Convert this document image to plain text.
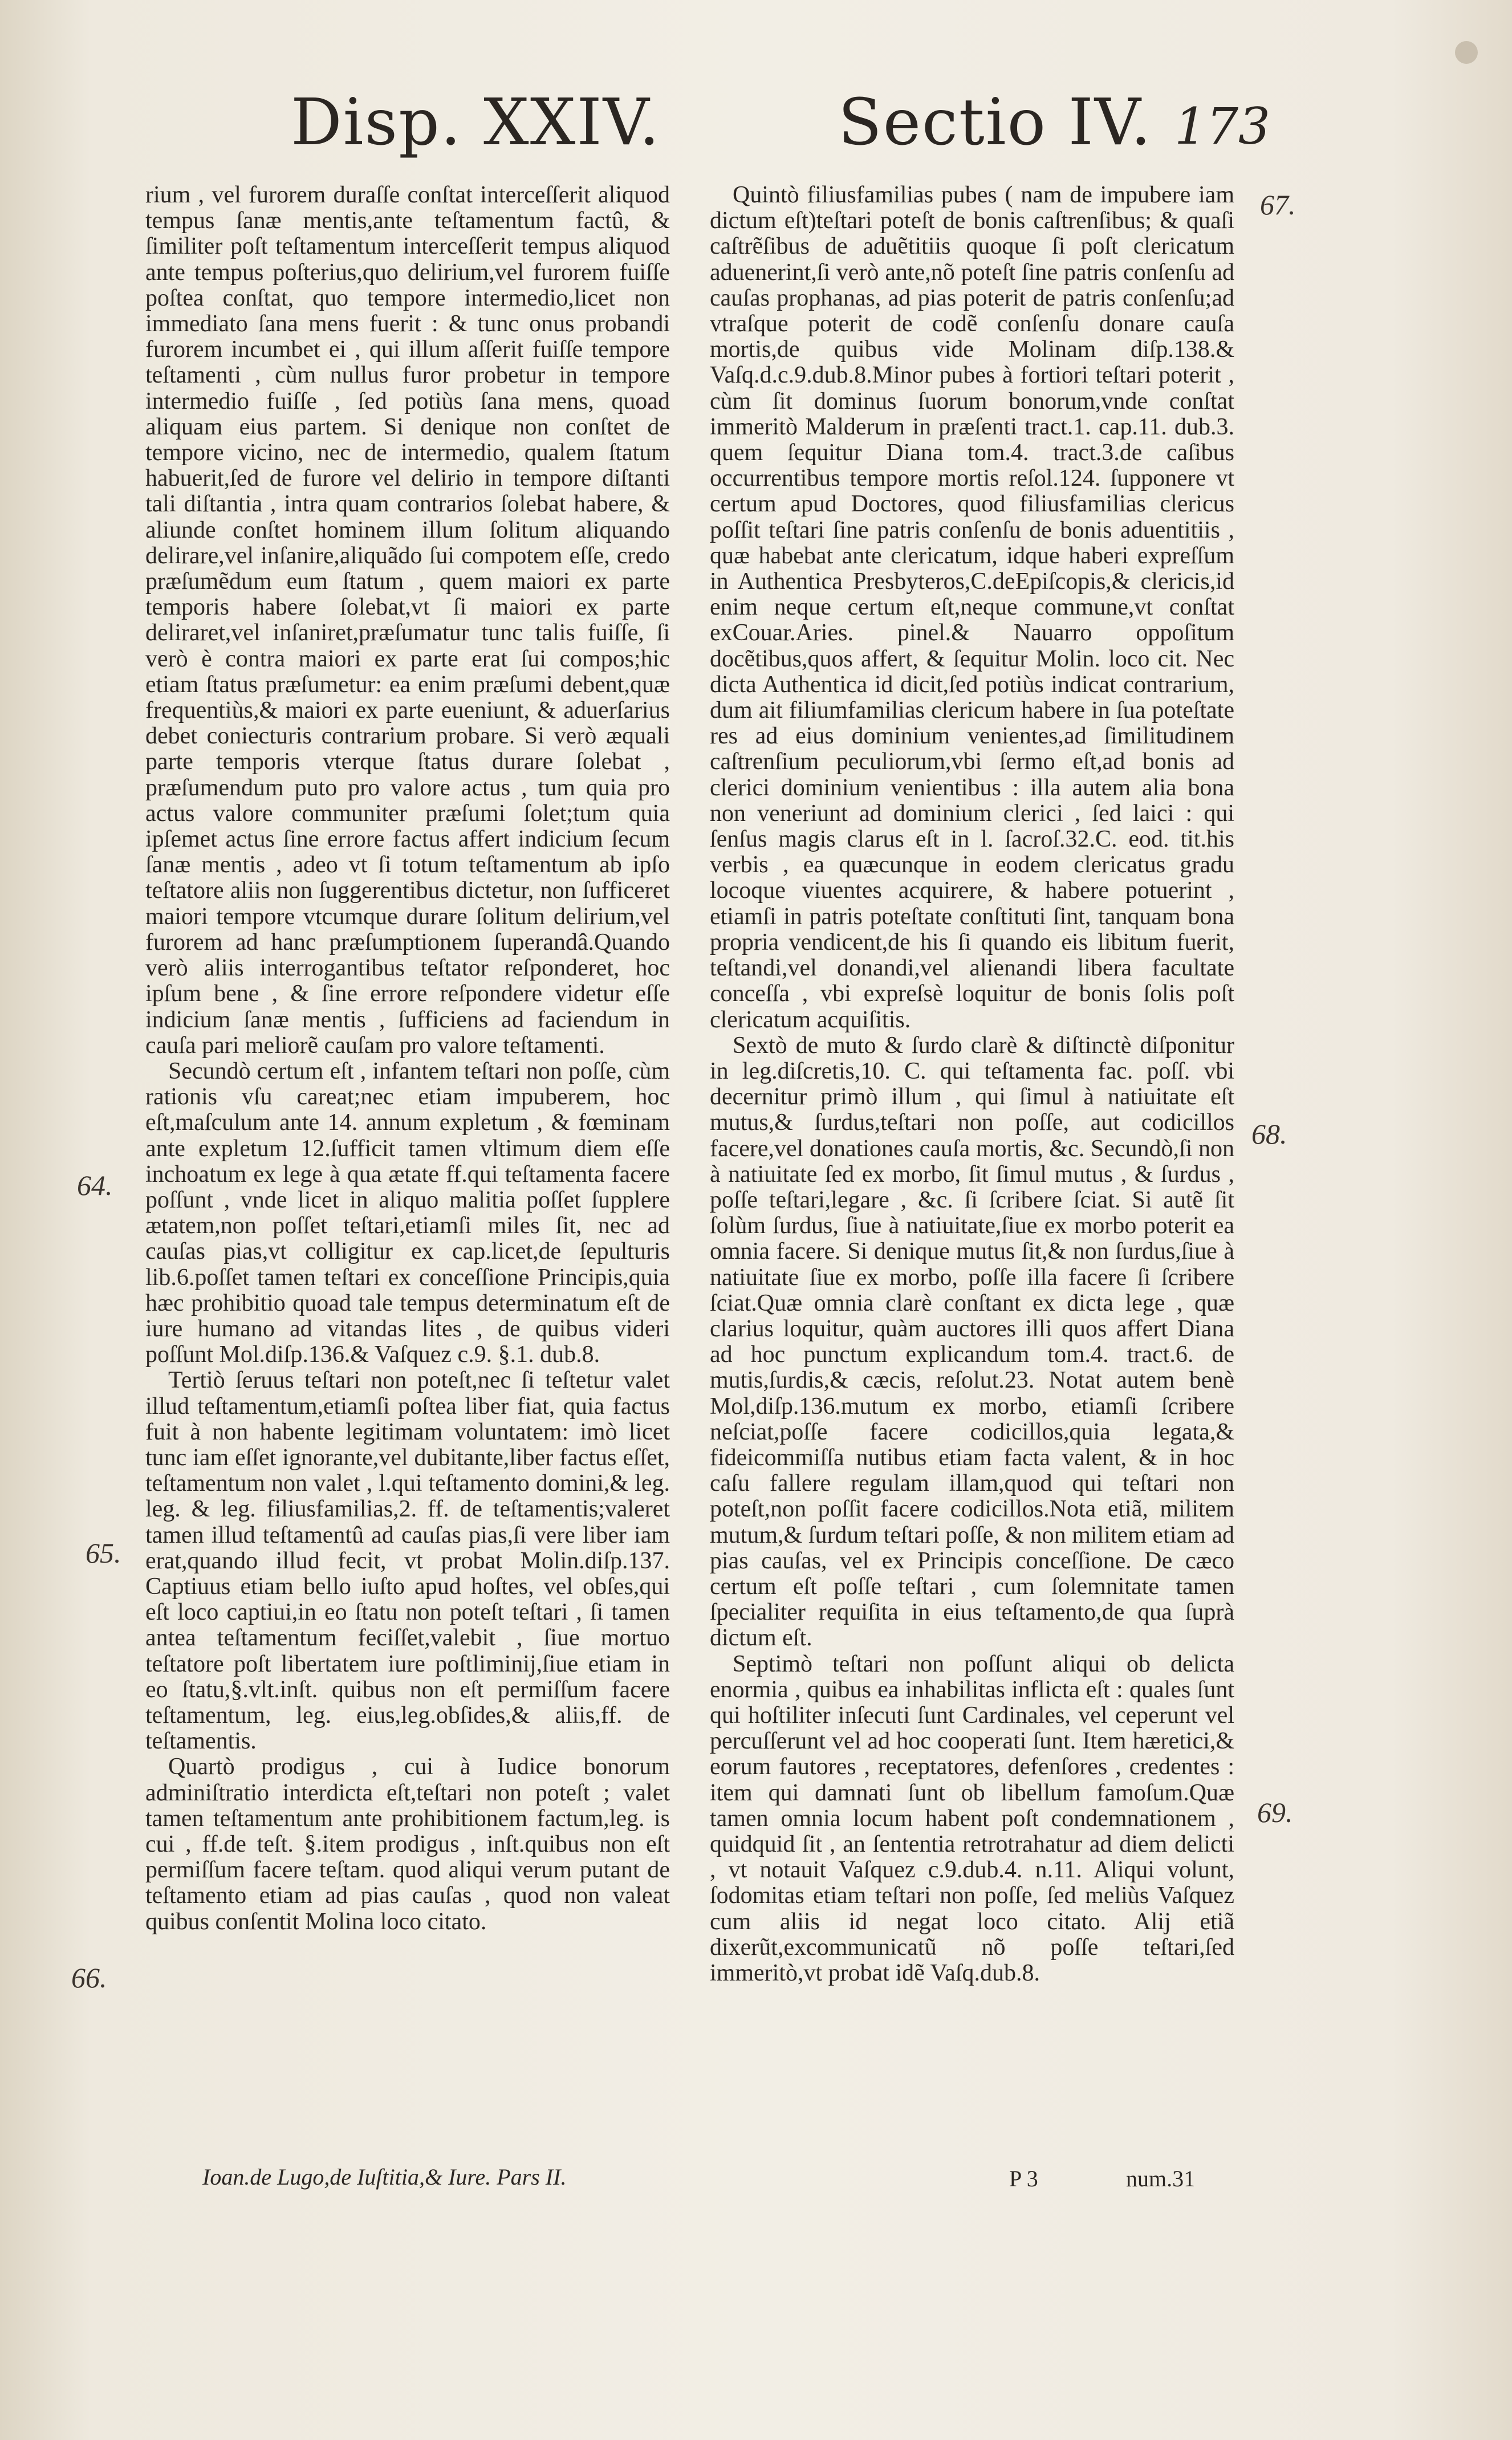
Disp. XXIV.	Sectio IV. 173

rium , vel furorem duraſſe conſtat interceſſerit aliquod tempus ſanæ mentis,ante teſtamentum factû, & ſimiliter poſt teſtamentum interceſſerit tempus aliquod ante tempus poſterius,quo delirium,vel furorem fuiſſe poſtea conſtat, quo tempore intermedio,licet non immediato ſana mens fuerit : & tunc onus probandi furorem incumbet ei , qui illum aſſerit fuiſſe tempore teſtamenti , cùm nullus furor probetur in tempore intermedio fuiſſe , ſed potiùs ſana mens, quoad aliquam eius partem. Si denique non conſtet de tempore vicino, nec de intermedio, qualem ſtatum habuerit,ſed de furore vel delirio in tempore diſtanti tali diſtantia , intra quam contrarios ſolebat habere, & aliunde conſtet hominem illum ſolitum aliquando delirare,vel inſanire,aliquãdo ſui compotem eſſe, credo præſumẽdum eum ſtatum , quem maiori ex parte temporis habere ſolebat,vt ſi maiori ex parte deliraret,vel inſaniret,præſumatur tunc talis fuiſſe, ſi verò è contra maiori ex parte erat ſui compos;hic etiam ſtatus præſumetur: ea enim præſumi debent,quæ frequentiùs,& maiori ex parte eueniunt, & aduerſarius debet coniecturis contrarium probare. Si verò æquali parte temporis vterque ſtatus durare ſolebat , præſumendum puto pro valore actus , tum quia pro actus valore communiter præſumi ſolet;tum quia ipſemet actus ſine errore factus affert indicium ſecum ſanæ mentis , adeo vt ſi totum teſtamentum ab ipſo teſtatore aliis non ſuggerentibus dictetur, non ſufficeret maiori tempore vtcumque durare ſolitum delirium,vel furorem ad hanc præſumptionem ſuperandâ.Quando verò aliis interrogantibus teſtator reſponderet, hoc ipſum bene , & ſine errore reſpondere videtur eſſe indicium ſanæ mentis , ſufficiens ad faciendum in cauſa pari meliorẽ cauſam pro valore teſtamenti.

Secundò certum eſt , infantem teſtari non poſſe, cùm rationis vſu careat;nec etiam impuberem, hoc eſt,maſculum ante 14. annum expletum , & fœminam ante expletum 12.ſufficit tamen vltimum diem eſſe inchoatum ex lege à qua ætate ff.qui teſtamenta facere poſſunt , vnde licet in aliquo malitia poſſet ſupplere ætatem,non poſſet teſtari,etiamſi miles ſit, nec ad cauſas pias,vt colligitur ex cap.licet,de ſepulturis lib.6.poſſet tamen teſtari ex conceſſione Principis,quia hæc prohibitio quoad tale tempus determinatum eſt de iure humano ad vitandas lites , de quibus videri poſſunt Mol.diſp.136.& Vaſquez c.9. §.1. dub.8.

Tertiò ſeruus teſtari non poteſt,nec ſi teſtetur valet illud teſtamentum,etiamſi poſtea liber fiat, quia factus fuit à non habente legitimam voluntatem: imò licet tunc iam eſſet ignorante,vel dubitante,liber factus eſſet, teſtamentum non valet , l.qui teſtamento domini,& leg. leg. & leg. filiusfamilias,2. ff. de teſtamentis;valeret tamen illud teſtamentû ad cauſas pias,ſi vere liber iam erat,quando illud fecit, vt probat Molin.diſp.137. Captiuus etiam bello iuſto apud hoſtes, vel obſes,qui eſt loco captiui,in eo ſtatu non poteſt teſtari , ſi tamen antea teſtamentum feciſſet,valebit , ſiue mortuo teſtatore poſt libertatem iure poſtliminij,ſiue etiam in eo ſtatu,§.vlt.inſt. quibus non eſt permiſſum facere teſtamentum, leg. eius,leg.obſides,& aliis,ff. de teſtamentis.

Quartò prodigus , cui à Iudice bonorum adminiſtratio interdicta eſt,teſtari non poteſt ; valet tamen teſtamentum ante prohibitionem factum,leg. is cui , ff.de teſt. §.item prodigus , inſt.quibus non eſt permiſſum facere teſtam. quod aliqui verum putant de teſtamento etiam ad pias cauſas , quod non valeat quibus conſentit Molina loco citato.

Quintò filiusfamilias pubes ( nam de impubere iam dictum eſt)teſtari poteſt de bonis caſtrenſibus; & quaſi caſtrẽſibus de aduẽtitiis quoque ſi poſt clericatum aduenerint,ſi verò ante,nõ poteſt ſine patris conſenſu ad cauſas prophanas, ad pias poterit de patris conſenſu;ad vtraſque poterit de codẽ conſenſu donare cauſa mortis,de quibus vide Molinam diſp.138.& Vaſq.d.c.9.dub.8.Minor pubes à fortiori teſtari poterit , cùm ſit dominus ſuorum bonorum,vnde conſtat immeritò Malderum in præſenti tract.1. cap.11. dub.3. quem ſequitur Diana tom.4. tract.3.de caſibus occurrentibus tempore mortis reſol.124. ſupponere vt certum apud Doctores, quod filiusfamilias clericus poſſit teſtari ſine patris conſenſu de bonis aduentitiis , quæ habebat ante clericatum, idque haberi expreſſum in Authentica Presbyteros,C.deEpiſcopis,& clericis,id enim neque certum eſt,neque commune,vt conſtat exCouar.Aries. pinel.& Nauarro oppoſitum docẽtibus,quos affert, & ſequitur Molin. loco cit. Nec dicta Authentica id dicit,ſed potiùs indicat contrarium, dum ait filiumfamilias clericum habere in ſua poteſtate res ad eius dominium venientes,ad ſimilitudinem caſtrenſium peculiorum,vbi ſermo eſt,ad bonis ad clerici dominium venientibus : illa autem alia bona non veneriunt ad dominium clerici , ſed laici : qui ſenſus magis clarus eſt in l. ſacroſ.32.C. eod. tit.his verbis , ea quæcunque in eodem clericatus gradu locoque viuentes acquirere, & habere potuerint , etiamſi in patris poteſtate conſtituti ſint, tanquam bona propria vendicent,de his ſi quando eis libitum fuerit, teſtandi,vel donandi,vel alienandi libera facultate conceſſa , vbi expreſsè loquitur de bonis ſolis poſt clericatum acquiſitis.

Sextò de muto & ſurdo clarè & diſtinctè diſponitur in leg.diſcretis,10. C. qui teſtamenta fac. poſſ. vbi decernitur primò illum , qui ſimul à natiuitate eſt mutus,& ſurdus,teſtari non poſſe, aut codicillos facere,vel donationes cauſa mortis, &c. Secundò,ſi non à natiuitate ſed ex morbo, ſit ſimul mutus , & ſurdus , poſſe teſtari,legare , &c. ſi ſcribere ſciat. Si autẽ ſit ſolùm ſurdus, ſiue à natiuitate,ſiue ex morbo poterit ea omnia facere. Si denique mutus ſit,& non ſurdus,ſiue à natiuitate ſiue ex morbo, poſſe illa facere ſi ſcribere ſciat.Quæ omnia clarè conſtant ex dicta lege , quæ clarius loquitur, quàm auctores illi quos affert Diana ad hoc punctum explicandum tom.4. tract.6. de mutis,ſurdis,& cæcis, reſolut.23. Notat autem benè Mol,diſp.136.mutum ex morbo, etiamſi ſcribere neſciat,poſſe facere codicillos,quia legata,& fideicommiſſa nutibus etiam facta valent, & in hoc caſu fallere regulam illam,quod qui teſtari non poteſt,non poſſit facere codicillos.Nota etiã, militem mutum,& ſurdum teſtari poſſe, & non militem etiam ad pias cauſas, vel ex Principis conceſſione. De cæco certum eſt poſſe teſtari , cum ſolemnitate tamen ſpecialiter requiſita in eius teſtamento,de qua ſuprà dictum eſt.

Septimò teſtari non poſſunt aliqui ob delicta enormia , quibus ea inhabilitas inflicta eſt : quales ſunt qui hoſtiliter inſecuti ſunt Cardinales, vel ceperunt vel percuſſerunt vel ad hoc cooperati ſunt. Item hæretici,& eorum fautores , receptatores, defenſores , credentes : item qui damnati ſunt ob libellum famoſum.Quæ tamen omnia locum habent poſt condemnationem , quidquid ſit , an ſententia retrotrahatur ad diem delicti , vt notauit Vaſquez c.9.dub.4. n.11. Aliqui volunt, ſodomitas etiam teſtari non poſſe, ſed meliùs Vaſquez cum aliis id negat loco citato. Alij etiã dixerũt,excommunicatũ nõ poſſe teſtari,ſed immeritò,vt probat idẽ Vaſq.dub.8.

64.
65.
66.
67.
68.
69.
Ioan.de Lugo,de Iuſtitia,& Iure. Pars II.	P 3	num.31
